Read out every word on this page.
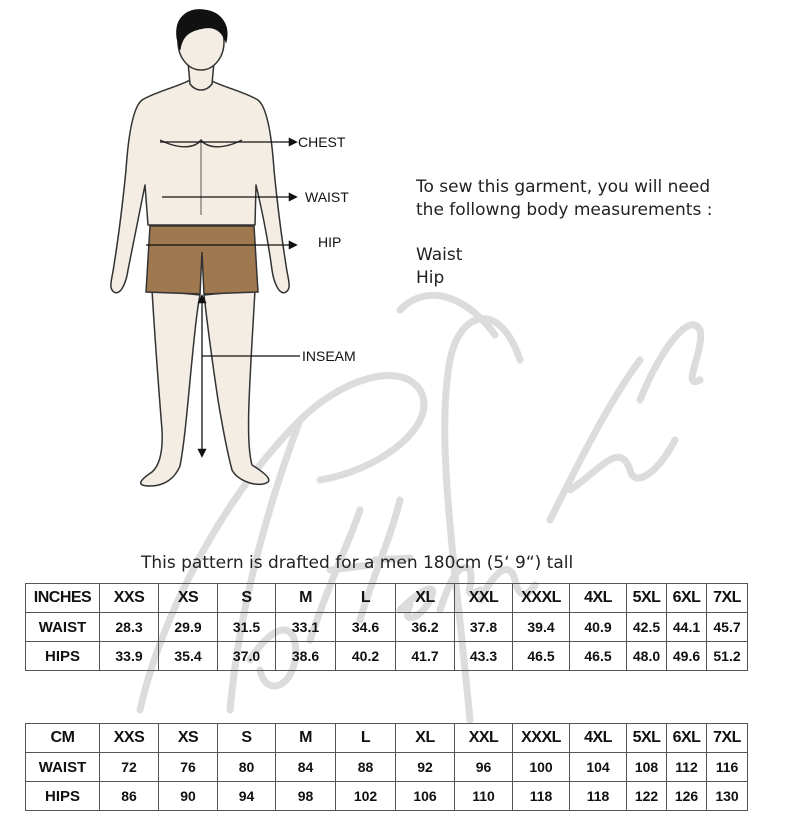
CHEST
WAIST
HIP
INSEAM
To sew this garment, you will need
the followng body measurements :
Waist
Hip
This pattern is drafted for a men 180cm (5‘ 9“) tall
INCHES	XXS	XS	S	M	L	XL	XXL	XXXL	4XL	5XL	6XL	7XL
WAIST	28.3	29.9	31.5	33.1	34.6	36.2	37.8	39.4	40.9	42.5	44.1	45.7
HIPS	33.9	35.4	37.0	38.6	40.2	41.7	43.3	46.5	46.5	48.0	49.6	51.2
CM	XXS	XS	S	M	L	XL	XXL	XXXL	4XL	5XL	6XL	7XL
WAIST	72	76	80	84	88	92	96	100	104	108	112	116
HIPS	86	90	94	98	102	106	110	118	118	122	126	130
